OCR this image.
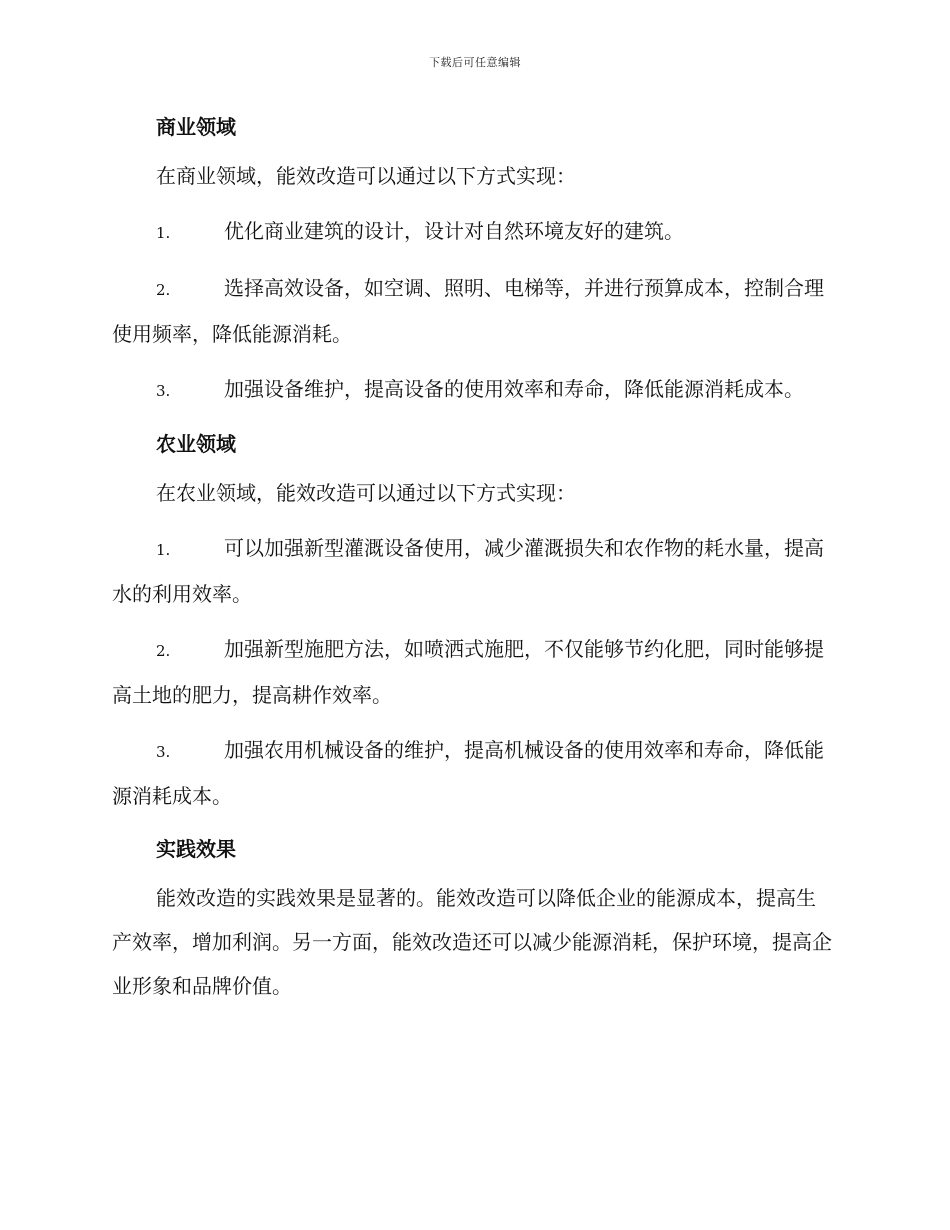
下载后可任意编辑
商业领域

在商业领域，能效改造可以通过以下方式实现：

1.	优化商业建筑的设计，设计对自然环境友好的建筑。

2.	选择高效设备，如空调、照明、电梯等，并进行预算成本，控制合理使用频率，降低能源消耗。

3.	加强设备维护，提高设备的使用效率和寿命，降低能源消耗成本。

农业领域

在农业领域，能效改造可以通过以下方式实现：

1.	可以加强新型灌溉设备使用，减少灌溉损失和农作物的耗水量，提高水的利用效率。

2.	加强新型施肥方法，如喷洒式施肥，不仅能够节约化肥，同时能够提高土地的肥力，提高耕作效率。

3.	加强农用机械设备的维护，提高机械设备的使用效率和寿命，降低能源消耗成本。

实践效果

能效改造的实践效果是显著的。能效改造可以降低企业的能源成本，提高生产效率，增加利润。另一方面，能效改造还可以减少能源消耗，保护环境，提高企业形象和品牌价值。
